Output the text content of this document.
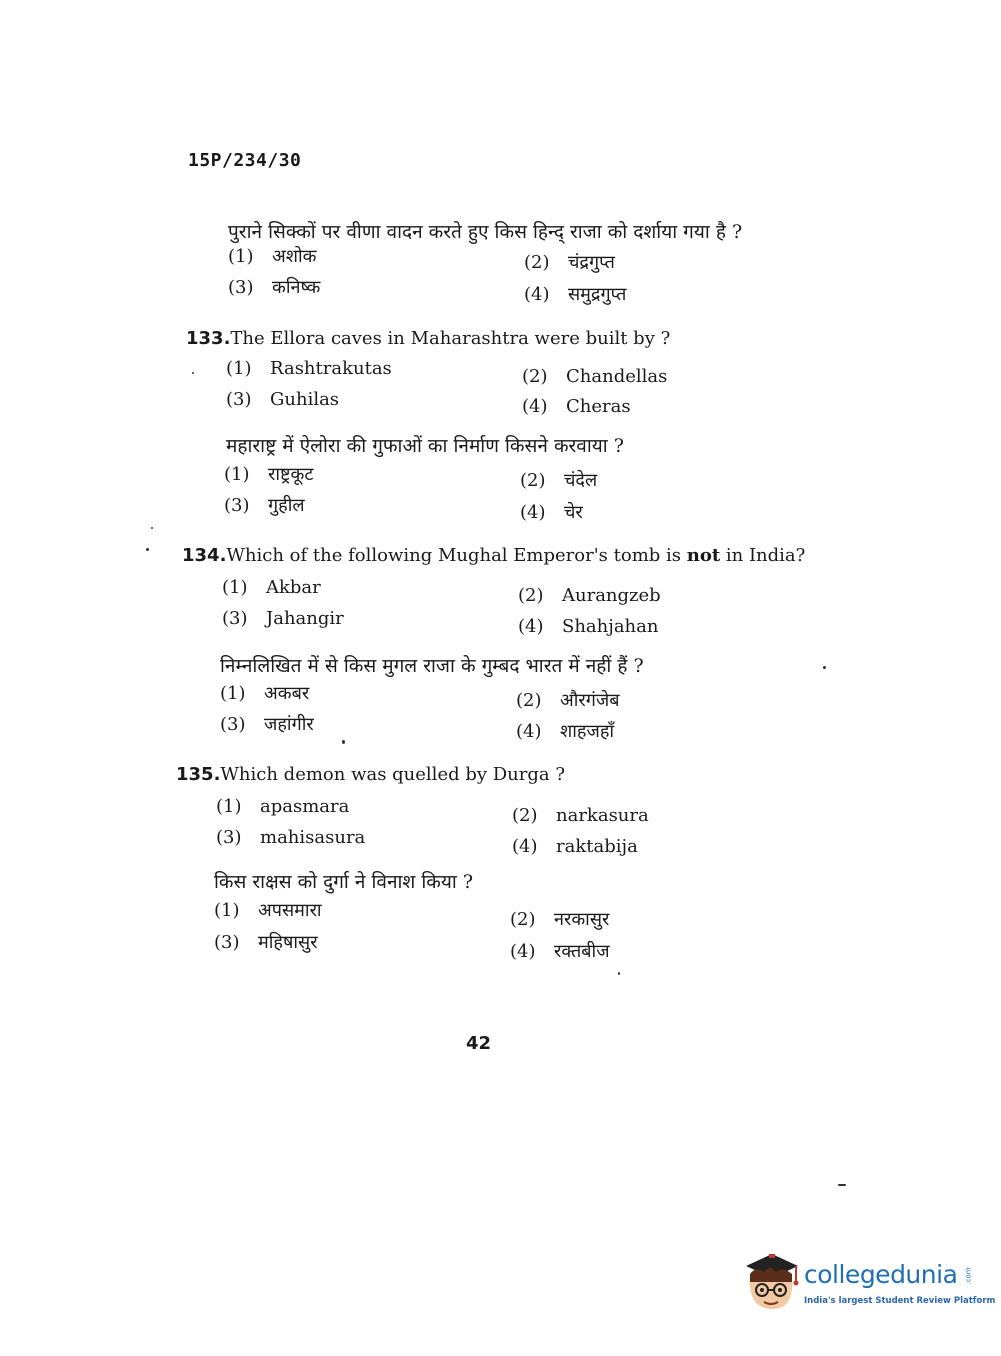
15P/234/30
पुराने सिक्कों पर वीणा वादन करते हुए किस हिन्द् राजा को दर्शाया गया है ?
(1) अशोक	(2) चंद्रगुप्त
(3) कनिष्क	(4) समुद्रगुप्त
133.The Ellora caves in Maharashtra were built by ?
(1) Rashtrakutas	(2) Chandellas
(3) Guhilas	(4) Cheras
महाराष्ट्र में ऐलोरा की गुफाओं का निर्माण किसने करवाया ?
(1) राष्ट्रकूट	(2) चंदेल
(3) गुहील	(4) चेर
134.Which of the following Mughal Emperor's tomb is not in India?
(1) Akbar	(2) Aurangzeb
(3) Jahangir	(4) Shahjahan
निम्नलिखित में से किस मुगल राजा के गुम्बद भारत में नहीं हैं ?
(1) अकबर	(2) औरगंजेब
(3) जहांगीर	(4) शाहजहाँ
135.Which demon was quelled by Durga ?
(1) apasmara	(2) narkasura
(3) mahisasura	(4) raktabija
किस राक्षस को दुर्गा ने विनाश किया ?
(1) अपसमारा	(2) नरकासुर
(3) महिषासुर	(4) रक्तबीज
42
collegedunia .com
India's largest Student Review Platform
